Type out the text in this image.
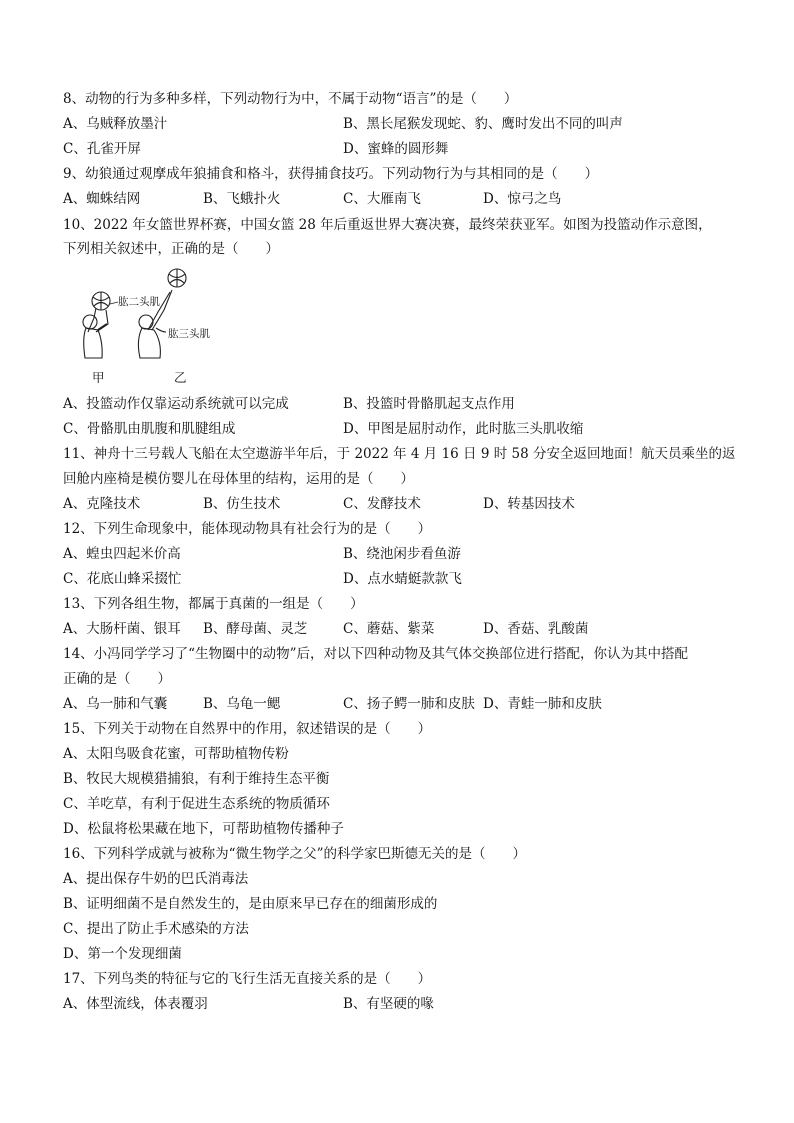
8、动物的行为多种多样，下列动物行为中，不属于动物“语言”的是（　　）
A、乌贼释放墨汁	B、黑长尾猴发现蛇、豹、鹰时发出不同的叫声
C、孔雀开屏	D、蜜蜂的圆形舞
9、幼狼通过观摩成年狼捕食和格斗，获得捕食技巧。下列动物行为与其相同的是（　　）
A、蜘蛛结网	B、飞蛾扑火	C、大雁南飞	D、惊弓之鸟
10、2022 年女篮世界杯赛，中国女篮 28 年后重返世界大赛决赛，最终荣获亚军。如图为投篮动作示意图，
下列相关叙述中，正确的是（　　）
肱二头肌
肱三头肌
甲	乙
A、投篮动作仅靠运动系统就可以完成	B、投篮时骨骼肌起支点作用
C、骨骼肌由肌腹和肌腱组成	D、甲图是屈肘动作，此时肱三头肌收缩
11、神舟十三号载人飞船在太空遨游半年后，于 2022 年 4 月 16 日 9 时 58 分安全返回地面！航天员乘坐的返
回舱内座椅是模仿婴儿在母体里的结构，运用的是（　　）
A、克隆技术	B、仿生技术	C、发酵技术	D、转基因技术
12、下列生命现象中，能体现动物具有社会行为的是（　　）
A、蝗虫四起米价高	B、绕池闲步看鱼游
C、花底山蜂采掇忙	D、点水蜻蜓款款飞
13、下列各组生物，都属于真菌的一组是（　　）
A、大肠杆菌、银耳 B、酵母菌、灵芝	C、蘑菇、紫菜	D、香菇、乳酸菌
14、小冯同学学习了“生物圈中的动物”后，对以下四种动物及其气体交换部位进行搭配，你认为其中搭配
正确的是（　　）
A、乌一肺和气囊	B、乌龟一鳃	C、扬子鳄一肺和皮肤 D、青蛙一肺和皮肤
15、下列关于动物在自然界中的作用，叙述错误的是（　　）
A、太阳鸟吸食花蜜，可帮助植物传粉
B、牧民大规模猎捕狼，有利于维持生态平衡
C、羊吃草，有利于促进生态系统的物质循环
D、松鼠将松果藏在地下，可帮助植物传播种子
16、下列科学成就与被称为“微生物学之父”的科学家巴斯德无关的是（　　）
A、提出保存牛奶的巴氏消毒法
B、证明细菌不是自然发生的，是由原来早已存在的细菌形成的
C、提出了防止手术感染的方法
D、第一个发现细菌
17、下列鸟类的特征与它的飞行生活无直接关系的是（　　）
A、体型流线，体表覆羽	B、有坚硬的喙
